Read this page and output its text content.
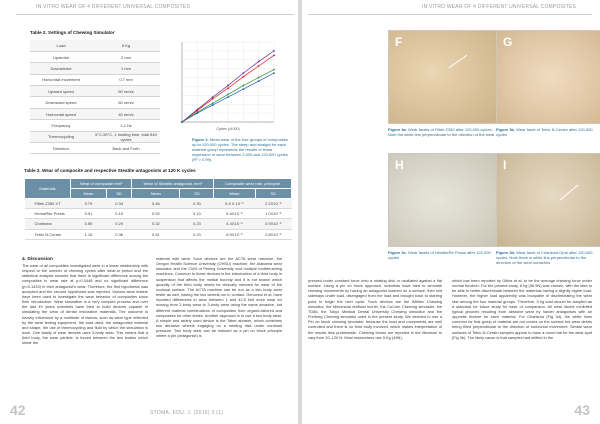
IN VITRO WEAR OF 4 DIFFERENT UNIVERSAL COMPOSITES
Table 2. Settings of Chewing Simulator
Load	6 Kg
Upstroke	2 mm
Downstroke	1 mm
Horizontal movement	0.7 mm
Upward speed	60 mm/s
Downward speed	60 mm/s
Horizontal speed	40 mm/s
Frequency	1.2 Hz
Thermocycling	5°C-55°C, 1 holding time, total 840 cycles
Direction	Back and Forth
Cycles (x1000)
Figure 2. Mean wear of the four groups of composites up to 120,000 cycles. The steep and straight for each material group represents the results of linear regression of wear between 2,000 and 120,000 cycles (R² > 0.99).
Table 3. Wear of composite and respective Steatite antagonists at 120 K cycles
Materials	Wear of composite mm³		Wear of Steatite antagonist, mm³		Composite wear rate, µm/cycle	
	Mean	SD	Mean	SD	Mean	SD
Filtek Z350 XT	0.79	0.34	0.46	0.30	5.9 Х 10⁻⁶	2.2Х10⁻⁶
HereaRite Presis	0.91	0.15	0.52	0.13	6.6Х10⁻⁶	1.0Х10⁻⁶
Charisma	0.59	0.29	0.32	0.23	4.4Х10⁻⁶	0.9Х10⁻⁶
Tetric N-Ceram	1.15	0.36	0.51	0.23	8.9Х10⁻⁶	2.8Х10⁻⁶
4. Discussion
The wear of all composites investigated were in a linear relationship with respect to the number of chewing cycles after wear-in period and the statistical analysis showed that there is significant difference among the composites in wear rate at p=0.0448 and no significant difference (p=0.1433) in their antagonist's wear. Therefore, the first hypothesis was accepted and the second hypothesis was rejected. Various wear testers have been used to investigate the wear behavior of composites since their introduction. Wear simulation is a very complex process and over the last 40 years scientists have tried to build devices capable of simulating the wear of dental restorative materials. The outcome is heavily influenced by a multitude of factors, such as wear type reflected by the wear testing equipment, the load used, the antagonists material and shape, the use of thermocycling and fluid by which the simulation is work. One family of wear devices uses 3-body wear. This means that a third body, the wear particle, is forced between the two bodies which shear the
material with wear. Such devices are the ACTA wear machine, the Oregon Health Science University (OHSU) machine, the Alabama wear simulator and the CW3 of Peking University and multiple toothbrushing machines. Common to these devices is the introduction of a third body in suspension that affects the medial boundy and it is not known which quantity of the third body needs be clinically relevant for wear of the occlusal surface. The ACTA machine can be run as a two body wear tester as well, having the two wheels run in contact. Genovesi et al. have reported differences in wear between 1 and 42.5 fold more wear for moving from 2-body wear to 3-body wear using the same abrasive, but different material combinations of composites from organic-tailored and composites for other testes. Another approach is to use a two body wear. A simple and widely used device is the Taber abraser, which combines two abrasive wheels engaging on a rotating disk under constant pressure. Two body wear can be induced as a pin on block principle where a pin (antagonist) is
42	STOMA. EDU. J. (2016) 3 (1)
IN VITRO WEAR OF 4 DIFFERENT UNIVERSAL COMPOSITES
F	G
Figure 3a. Wear facets of Filtek Z350 after 120,000 cycles. Note the white line perpendicular to the direction of the wear
Figure 3b. Wear facet of Tetric N-Ceram after 120,000 cycles
H	I
Figure 3c. Wear facets of HeraliteRe Presis after 120,000 cycles
Figure 3d. Wear facet of Charisma Opal after 120,000 cycles. Note there is white line perpendicular to the direction of the wear scratches
pressed under constant force onto a rotating disk or oscillated against a flat surface. Using a pin on block approach, scientists have tried to simulate chewing movements by having an antagonist lowered on a surface, then slid sideways under load, disengaged from the load and brought back to starting point to begin the next cycle. Such devices are the Willitec Chewing simulator, the Minnesota artificial mouth, the CoCom Chewing simulator, the TD86, the Tokyo Medical Dental University Chewing simulator and the Freiburg Chewing simulator used in the present study. We decided to use a Pin on block chewing simulator, because the load and movements are well controlled and there is no third body involved, which makes interpretation of the results less problematic. Chewing forces are reported in the literature to vary from 20–120 N. Most researchers use 5 Kg (49N),
which has been reported by Gibbs et al. to be the average chewing force under normal function. For the present study, 6 kg (58.9N) was chosen, with the idea to be able to better discriminate between the materials having a slightly higher load. However, the higher load apparently was incapable of discriminating the wear rate among the four material groups. Therefore, 5 kg load should be adopted as a standard for future study for ease of comparison. All wear facets exhibited typical grooves resulting from abrasive wear by harder antagonists with an opposite feature for each material. For Charisma (Fig 3d), the white lines common for that group of material are not cracks on the surface but wear debris being filled perpendicular to the direction of horizontal movement. Similar wear surfaces of Tetric-N-Ceram samples appear to have a round tab for the wear spot (Fig 3b). The likely cause is that samples had shifted in the
43
